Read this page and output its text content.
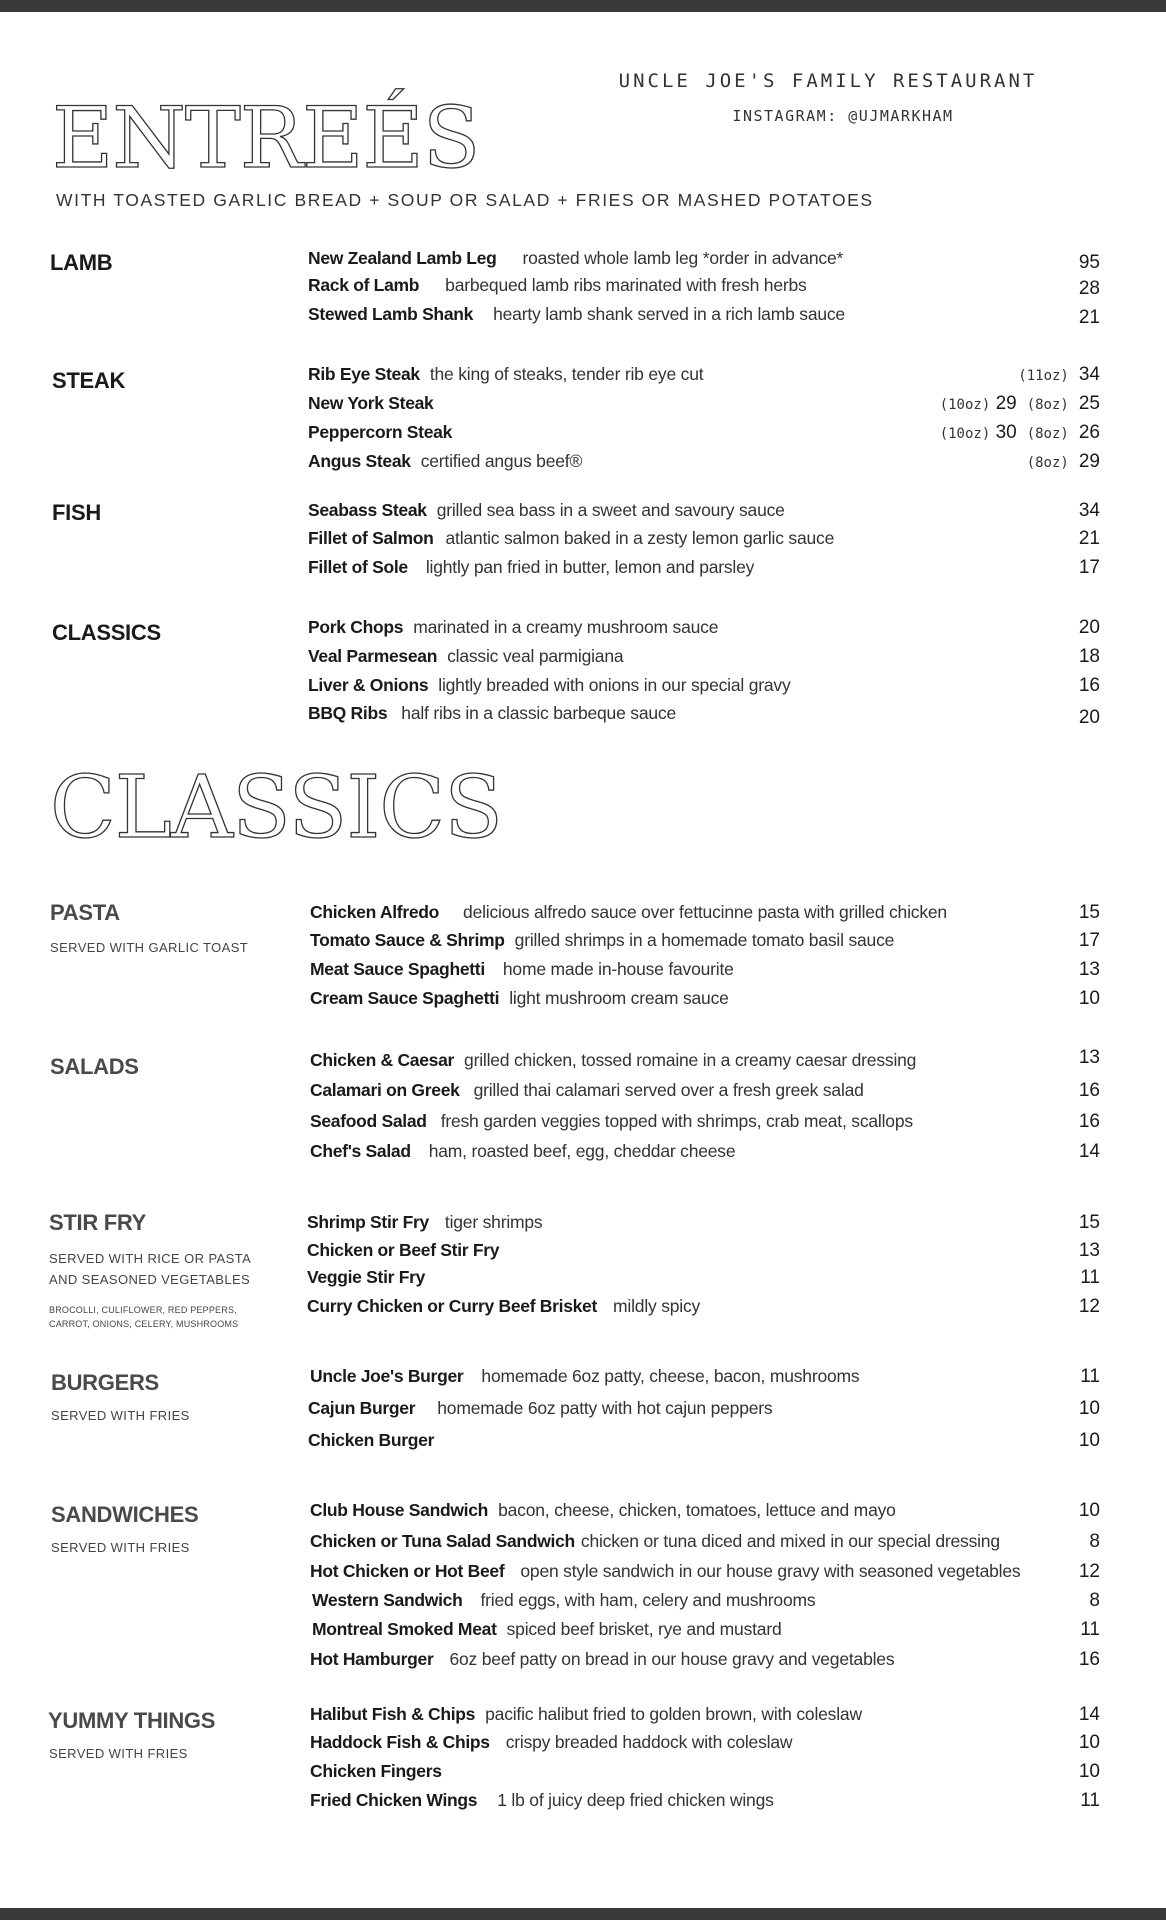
UNCLE JOE'S FAMILY RESTAURANT
INSTAGRAM: @UJMARKHAM
ENTREÉS
WITH TOASTED GARLIC BREAD + SOUP OR SALAD + FRIES OR MASHED POTATOES
LAMB	New Zealand Lamb Leg roasted whole lamb leg *order in advance*	95
Rack of Lamb barbequed lamb ribs marinated with fresh herbs	28
Stewed Lamb Shank hearty lamb shank served in a rich lamb sauce	21
STEAK	Rib Eye Steak the king of steaks, tender rib eye cut	(11oz) 34
New York Steak	(10oz) 29 (8oz) 25
Peppercorn Steak	(10oz) 30 (8oz) 26
Angus Steak certified angus beef®	(8oz) 29
FISH	Seabass Steak grilled sea bass in a sweet and savoury sauce	34
Fillet of Salmon atlantic salmon baked in a zesty lemon garlic sauce	21
Fillet of Sole lightly pan fried in butter, lemon and parsley	17
CLASSICS	Pork Chops marinated in a creamy mushroom sauce	20
Veal Parmesean classic veal parmigiana	18
Liver & Onions lightly breaded with onions in our special gravy	16
BBQ Ribs half ribs in a classic barbeque sauce	20
CLASSICS
PASTA
SERVED WITH GARLIC TOAST
Chicken Alfredo delicious alfredo sauce over fettucinne pasta with grilled chicken	15
Tomato Sauce & Shrimp grilled shrimps in a homemade tomato basil sauce	17
Meat Sauce Spaghetti home made in-house favourite	13
Cream Sauce Spaghetti light mushroom cream sauce	10
SALADS	Chicken & Caesar grilled chicken, tossed romaine in a creamy caesar dressing	13
Calamari on Greek grilled thai calamari served over a fresh greek salad	16
Seafood Salad fresh garden veggies topped with shrimps, crab meat, scallops	16
Chef's Salad ham, roasted beef, egg, cheddar cheese	14
STIR FRY
SERVED WITH RICE OR PASTA
AND SEASONED VEGETABLES
BROCOLLI, CULIFLOWER, RED PEPPERS,
CARROT, ONIONS, CELERY, MUSHROOMS
Shrimp Stir Fry tiger shrimps	15
Chicken or Beef Stir Fry	13
Veggie Stir Fry	11
Curry Chicken or Curry Beef Brisket mildly spicy	12
BURGERS
SERVED WITH FRIES
Uncle Joe's Burger homemade 6oz patty, cheese, bacon, mushrooms	11
Cajun Burger homemade 6oz patty with hot cajun peppers	10
Chicken Burger	10
SANDWICHES
SERVED WITH FRIES
Club House Sandwich bacon, cheese, chicken, tomatoes, lettuce and mayo	10
Chicken or Tuna Salad Sandwich chicken or tuna diced and mixed in our special dressing	8
Hot Chicken or Hot Beef open style sandwich in our house gravy with seasoned vegetables	12
Western Sandwich fried eggs, with ham, celery and mushrooms	8
Montreal Smoked Meat spiced beef brisket, rye and mustard	11
Hot Hamburger 6oz beef patty on bread in our house gravy and vegetables	16
YUMMY THINGS
SERVED WITH FRIES
Halibut Fish & Chips pacific halibut fried to golden brown, with coleslaw	14
Haddock Fish & Chips crispy breaded haddock with coleslaw	10
Chicken Fingers	10
Fried Chicken Wings 1 lb of juicy deep fried chicken wings	11
